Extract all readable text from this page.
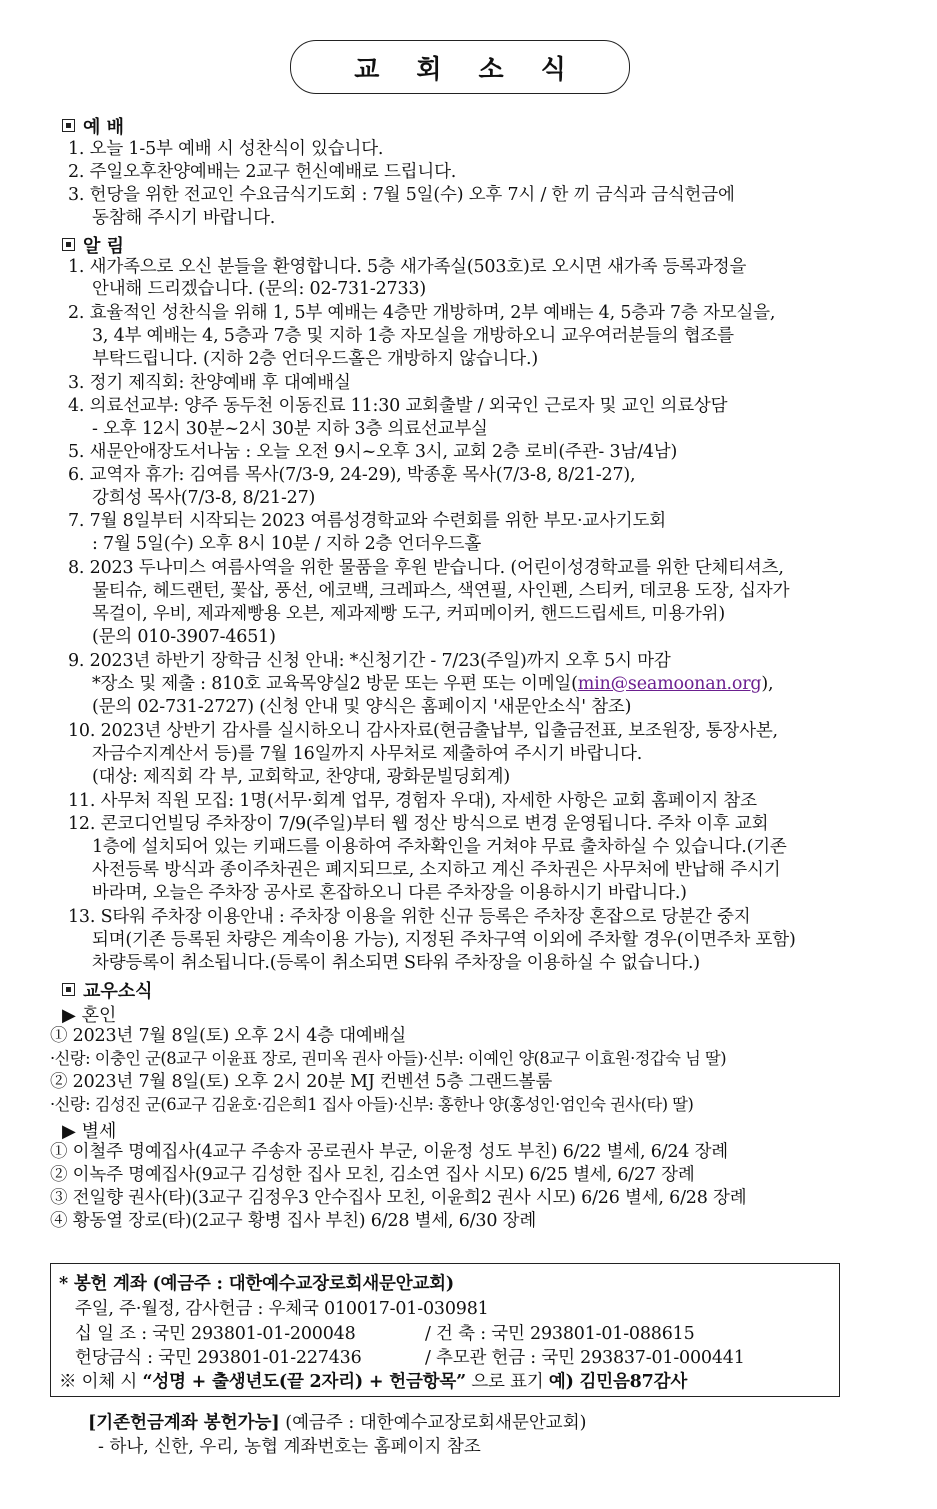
교 회 소 식
예 배
1. 오늘 1-5부 예배 시 성찬식이 있습니다.
2. 주일오후찬양예배는 2교구 헌신예배로 드립니다.
3. 헌당을 위한 전교인 수요금식기도회 : 7월 5일(수) 오후 7시 / 한 끼 금식과 금식헌금에
동참해 주시기 바랍니다.
알 림
1. 새가족으로 오신 분들을 환영합니다. 5층 새가족실(503호)로 오시면 새가족 등록과정을
안내해 드리겠습니다. (문의: 02-731-2733)
2. 효율적인 성찬식을 위해 1, 5부 예배는 4층만 개방하며, 2부 예배는 4, 5층과 7층 자모실을,
3, 4부 예배는 4, 5층과 7층 및 지하 1층 자모실을 개방하오니 교우여러분들의 협조를
부탁드립니다. (지하 2층 언더우드홀은 개방하지 않습니다.)
3. 정기 제직회: 찬양예배 후 대예배실
4. 의료선교부: 양주 동두천 이동진료 11:30 교회출발 / 외국인 근로자 및 교인 의료상담
- 오후 12시 30분~2시 30분 지하 3층 의료선교부실
5. 새문안애장도서나눔 : 오늘 오전 9시~오후 3시, 교회 2층 로비(주관- 3남/4남)
6. 교역자 휴가: 김여름 목사(7/3-9, 24-29), 박종훈 목사(7/3-8, 8/21-27),
강희성 목사(7/3-8, 8/21-27)
7. 7월 8일부터 시작되는 2023 여름성경학교와 수련회를 위한 부모·교사기도회
: 7월 5일(수) 오후 8시 10분 / 지하 2층 언더우드홀
8. 2023 두나미스 여름사역을 위한 물품을 후원 받습니다. (어린이성경학교를 위한 단체티셔츠,
물티슈, 헤드랜턴, 꽃삽, 풍선, 에코백, 크레파스, 색연필, 사인펜, 스티커, 데코용 도장, 십자가
목걸이, 우비, 제과제빵용 오븐, 제과제빵 도구, 커피메이커, 핸드드립세트, 미용가위)
(문의 010-3907-4651)
9. 2023년 하반기 장학금 신청 안내: *신청기간 - 7/23(주일)까지 오후 5시 마감
*장소 및 제출 : 810호 교육목양실2 방문 또는 우편 또는 이메일(min@seamoonan.org),
(문의 02-731-2727) (신청 안내 및 양식은 홈페이지 '새문안소식' 참조)
10. 2023년 상반기 감사를 실시하오니 감사자료(현금출납부, 입출금전표, 보조원장, 통장사본,
자금수지계산서 등)를 7월 16일까지 사무처로 제출하여 주시기 바랍니다.
(대상: 제직회 각 부, 교회학교, 찬양대, 광화문빌딩회계)
11. 사무처 직원 모집: 1명(서무·회계 업무, 경험자 우대), 자세한 사항은 교회 홈페이지 참조
12. 콘코디언빌딩 주차장이 7/9(주일)부터 웹 정산 방식으로 변경 운영됩니다. 주차 이후 교회
1층에 설치되어 있는 키패드를 이용하여 주차확인을 거쳐야 무료 출차하실 수 있습니다.(기존
사전등록 방식과 종이주차권은 폐지되므로, 소지하고 계신 주차권은 사무처에 반납해 주시기
바라며, 오늘은 주차장 공사로 혼잡하오니 다른 주차장을 이용하시기 바랍니다.)
13. S타워 주차장 이용안내 : 주차장 이용을 위한 신규 등록은 주차장 혼잡으로 당분간 중지
되며(기존 등록된 차량은 계속이용 가능), 지정된 주차구역 이외에 주차할 경우(이면주차 포함)
차량등록이 취소됩니다.(등록이 취소되면 S타워 주차장을 이용하실 수 없습니다.)
교우소식
▶ 혼인
① 2023년 7월 8일(토) 오후 2시 4층 대예배실
·신랑: 이충인 군(8교구 이윤표 장로, 권미옥 권사 아들)·신부: 이예인 양(8교구 이효원·정갑숙 님 딸)
② 2023년 7월 8일(토) 오후 2시 20분 MJ 컨벤션 5층 그랜드볼룸
·신랑: 김성진 군(6교구 김윤호·김은희1 집사 아들)·신부: 홍한나 양(홍성인·엄인숙 권사(타) 딸)
▶ 별세
① 이철주 명예집사(4교구 주송자 공로권사 부군, 이윤정 성도 부친) 6/22 별세, 6/24 장례
② 이녹주 명예집사(9교구 김성한 집사 모친, 김소연 집사 시모) 6/25 별세, 6/27 장례
③ 전일향 권사(타)(3교구 김정우3 안수집사 모친, 이윤희2 권사 시모) 6/26 별세, 6/28 장례
④ 황동열 장로(타)(2교구 황병 집사 부친) 6/28 별세, 6/30 장례
* 봉헌 계좌 (예금주 : 대한예수교장로회새문안교회)
주일, 주·월정, 감사헌금 : 우체국 010017-01-030981
십 일 조 : 국민 293801-01-200048	/ 건 축 : 국민 293801-01-088615
헌당금식 : 국민 293801-01-227436	/ 추모관 헌금 : 국민 293837-01-000441
※ 이체 시 “성명 + 출생년도(끝 2자리) + 헌금항목” 으로 표기 예) 김민음87감사
[기존헌금계좌 봉헌가능] (예금주 : 대한예수교장로회새문안교회)
- 하나, 신한, 우리, 농협 계좌번호는 홈페이지 참조
